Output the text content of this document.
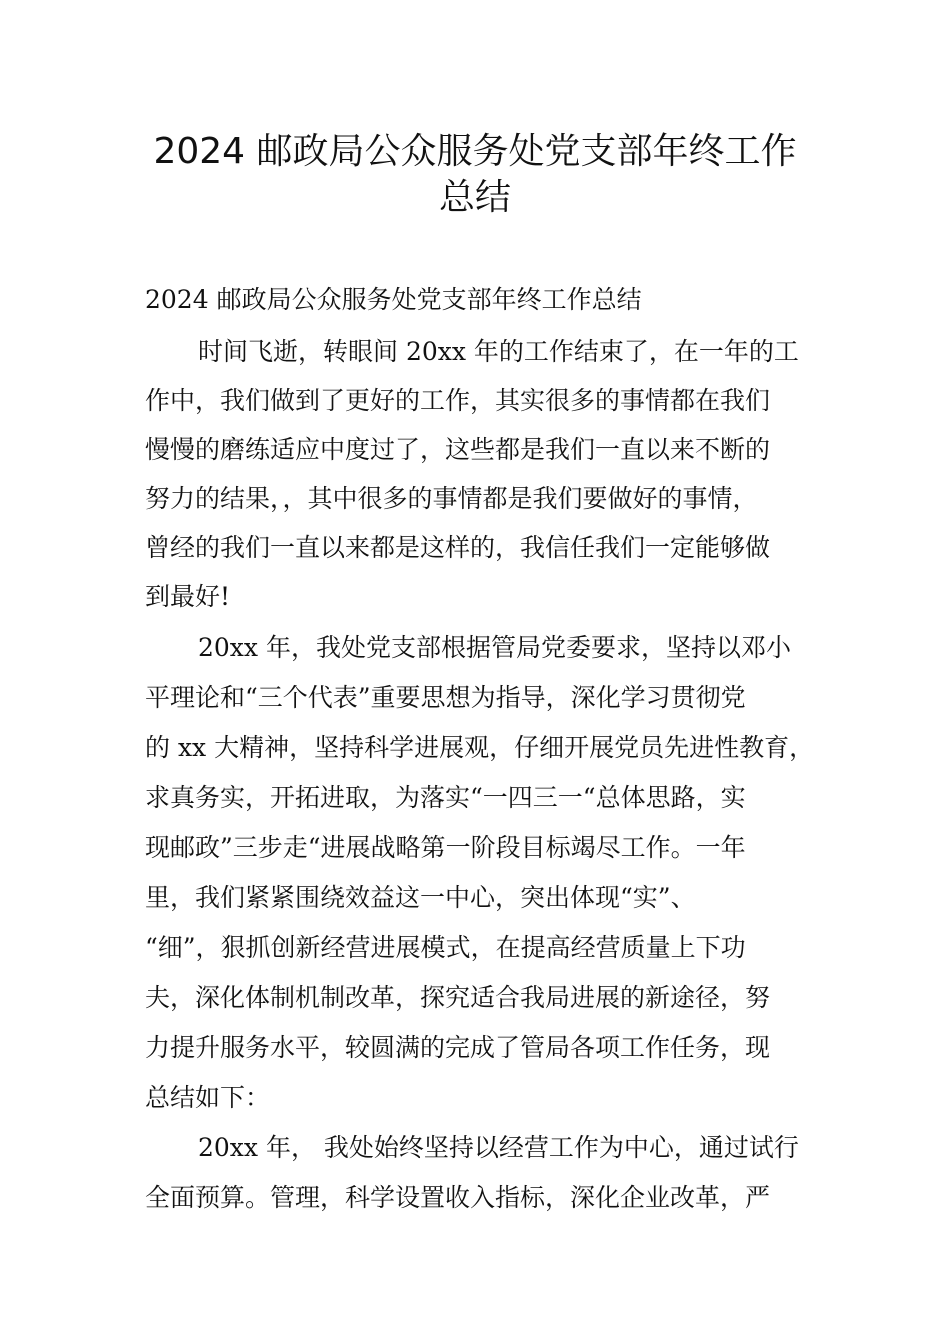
2024 邮政局公众服务处党支部年终工作
总结

2024 邮政局公众服务处党支部年终工作总结

时间飞逝，转眼间 20xx 年的工作结束了，在一年的工

作中，我们做到了更好的工作，其实很多的事情都在我们

慢慢的磨练适应中度过了，这些都是我们一直以来不断的

努力的结果，，其中很多的事情都是我们要做好的事情，

曾经的我们一直以来都是这样的，我信任我们一定能够做

到最好!

20xx 年，我处党支部根据管局党委要求，坚持以邓小

平理论和“三个代表”重要思想为指导，深化学习贯彻党

的 xx 大精神，坚持科学进展观，仔细开展党员先进性教育，

求真务实，开拓进取，为落实“一四三一“总体思路，实

现邮政”三步走“进展战略第一阶段目标竭尽工作。一年

里，我们紧紧围绕效益这一中心，突出体现“实”、

“细”，狠抓创新经营进展模式，在提高经营质量上下功

夫，深化体制机制改革，探究适合我局进展的新途径，努

力提升服务水平，较圆满的完成了管局各项工作任务，现

总结如下：

20xx 年， 我处始终坚持以经营工作为中心，通过试行

全面预算。管理，科学设置收入指标，深化企业改革，严
